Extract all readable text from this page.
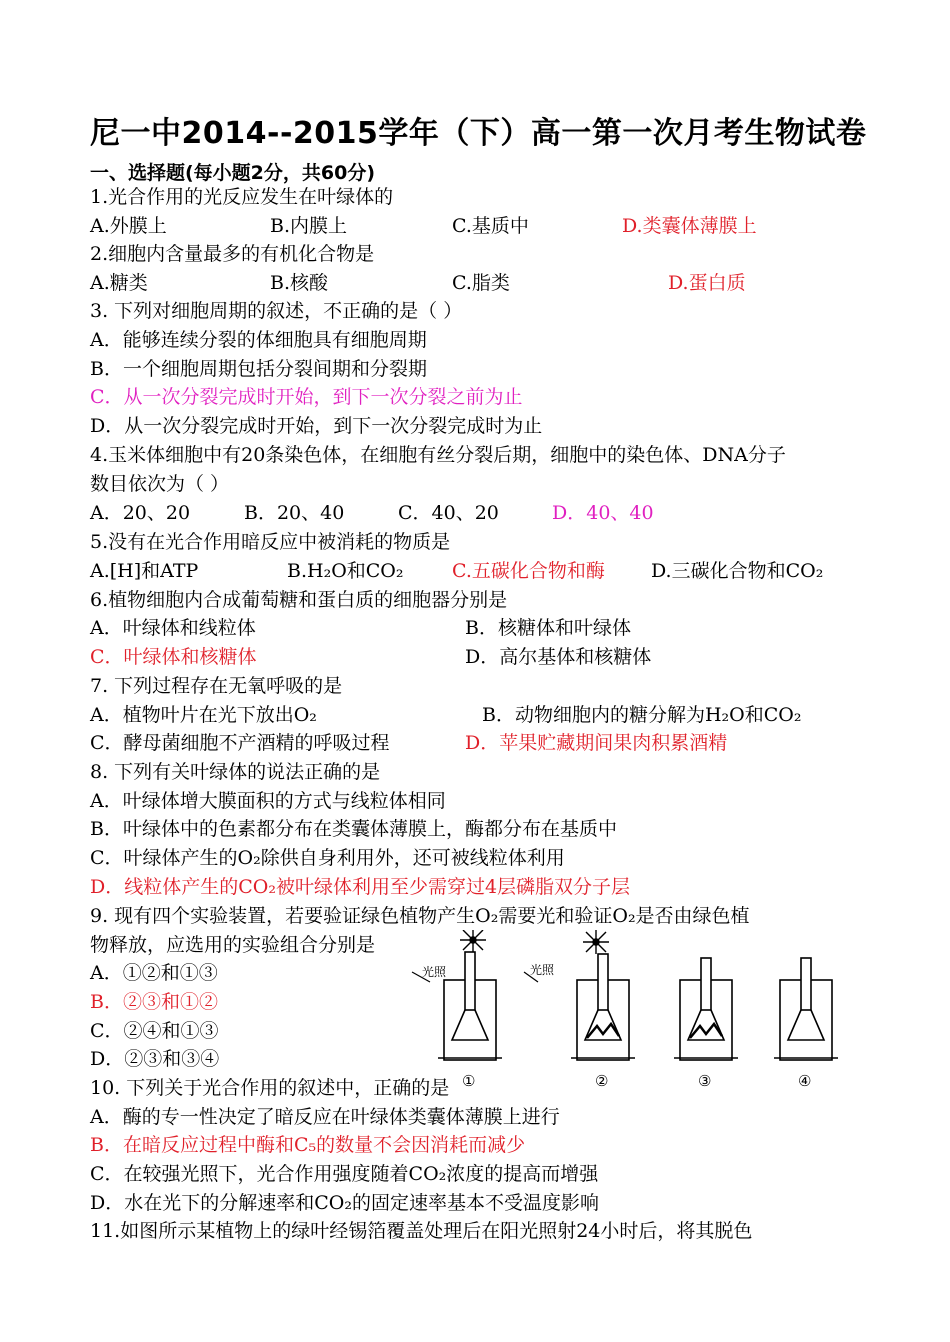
尼一中2014--2015学年（下）高一第一次月考生物试卷
一、选择题(每小题2分，共60分)
1.光合作用的光反应发生在叶绿体的
A.外膜上	B.内膜上	C.基质中	D.类囊体薄膜上
2.细胞内含量最多的有机化合物是
A.糖类	B.核酸	C.脂类	D.蛋白质
3. 下列对细胞周期的叙述，不正确的是（ ）
A．能够连续分裂的体细胞具有细胞周期
B．一个细胞周期包括分裂间期和分裂期
C．从一次分裂完成时开始，到下一次分裂之前为止
D．从一次分裂完成时开始，到下一次分裂完成时为止
4.玉米体细胞中有20条染色体，在细胞有丝分裂后期，细胞中的染色体、DNA分子
数目依次为（ ）
A．20、20	B．20、40	C．40、20	D．40、40
5.没有在光合作用暗反应中被消耗的物质是
A.[H]和ATP	B.H₂O和CO₂	C.五碳化合物和酶 D.三碳化合物和CO₂
6.植物细胞内合成葡萄糖和蛋白质的细胞器分别是
A．叶绿体和线粒体	B．核糖体和叶绿体
C．叶绿体和核糖体	D．高尔基体和核糖体
7. 下列过程存在无氧呼吸的是
A．植物叶片在光下放出O₂	B．动物细胞内的糖分解为H₂O和CO₂
C．酵母菌细胞不产酒精的呼吸过程	D．苹果贮藏期间果肉积累酒精
8. 下列有关叶绿体的说法正确的是
A．叶绿体增大膜面积的方式与线粒体相同
B．叶绿体中的色素都分布在类囊体薄膜上，酶都分布在基质中
C．叶绿体产生的O₂除供自身利用外，还可被线粒体利用
D．线粒体产生的CO₂被叶绿体利用至少需穿过4层磷脂双分子层
9. 现有四个实验装置，若要验证绿色植物产生O₂需要光和验证O₂是否由绿色植
物释放，应选用的实验组合分别是
A．①②和①③
B．②③和①②
C．②④和①③
D．②③和③④
光照	光照
①	②	③	④
10. 下列关于光合作用的叙述中，正确的是
A．酶的专一性决定了暗反应在叶绿体类囊体薄膜上进行
B．在暗反应过程中酶和C₅的数量不会因消耗而减少
C．在较强光照下，光合作用强度随着CO₂浓度的提高而增强
D．水在光下的分解速率和CO₂的固定速率基本不受温度影响
11.如图所示某植物上的绿叶经锡箔覆盖处理后在阳光照射24小时后，将其脱色
